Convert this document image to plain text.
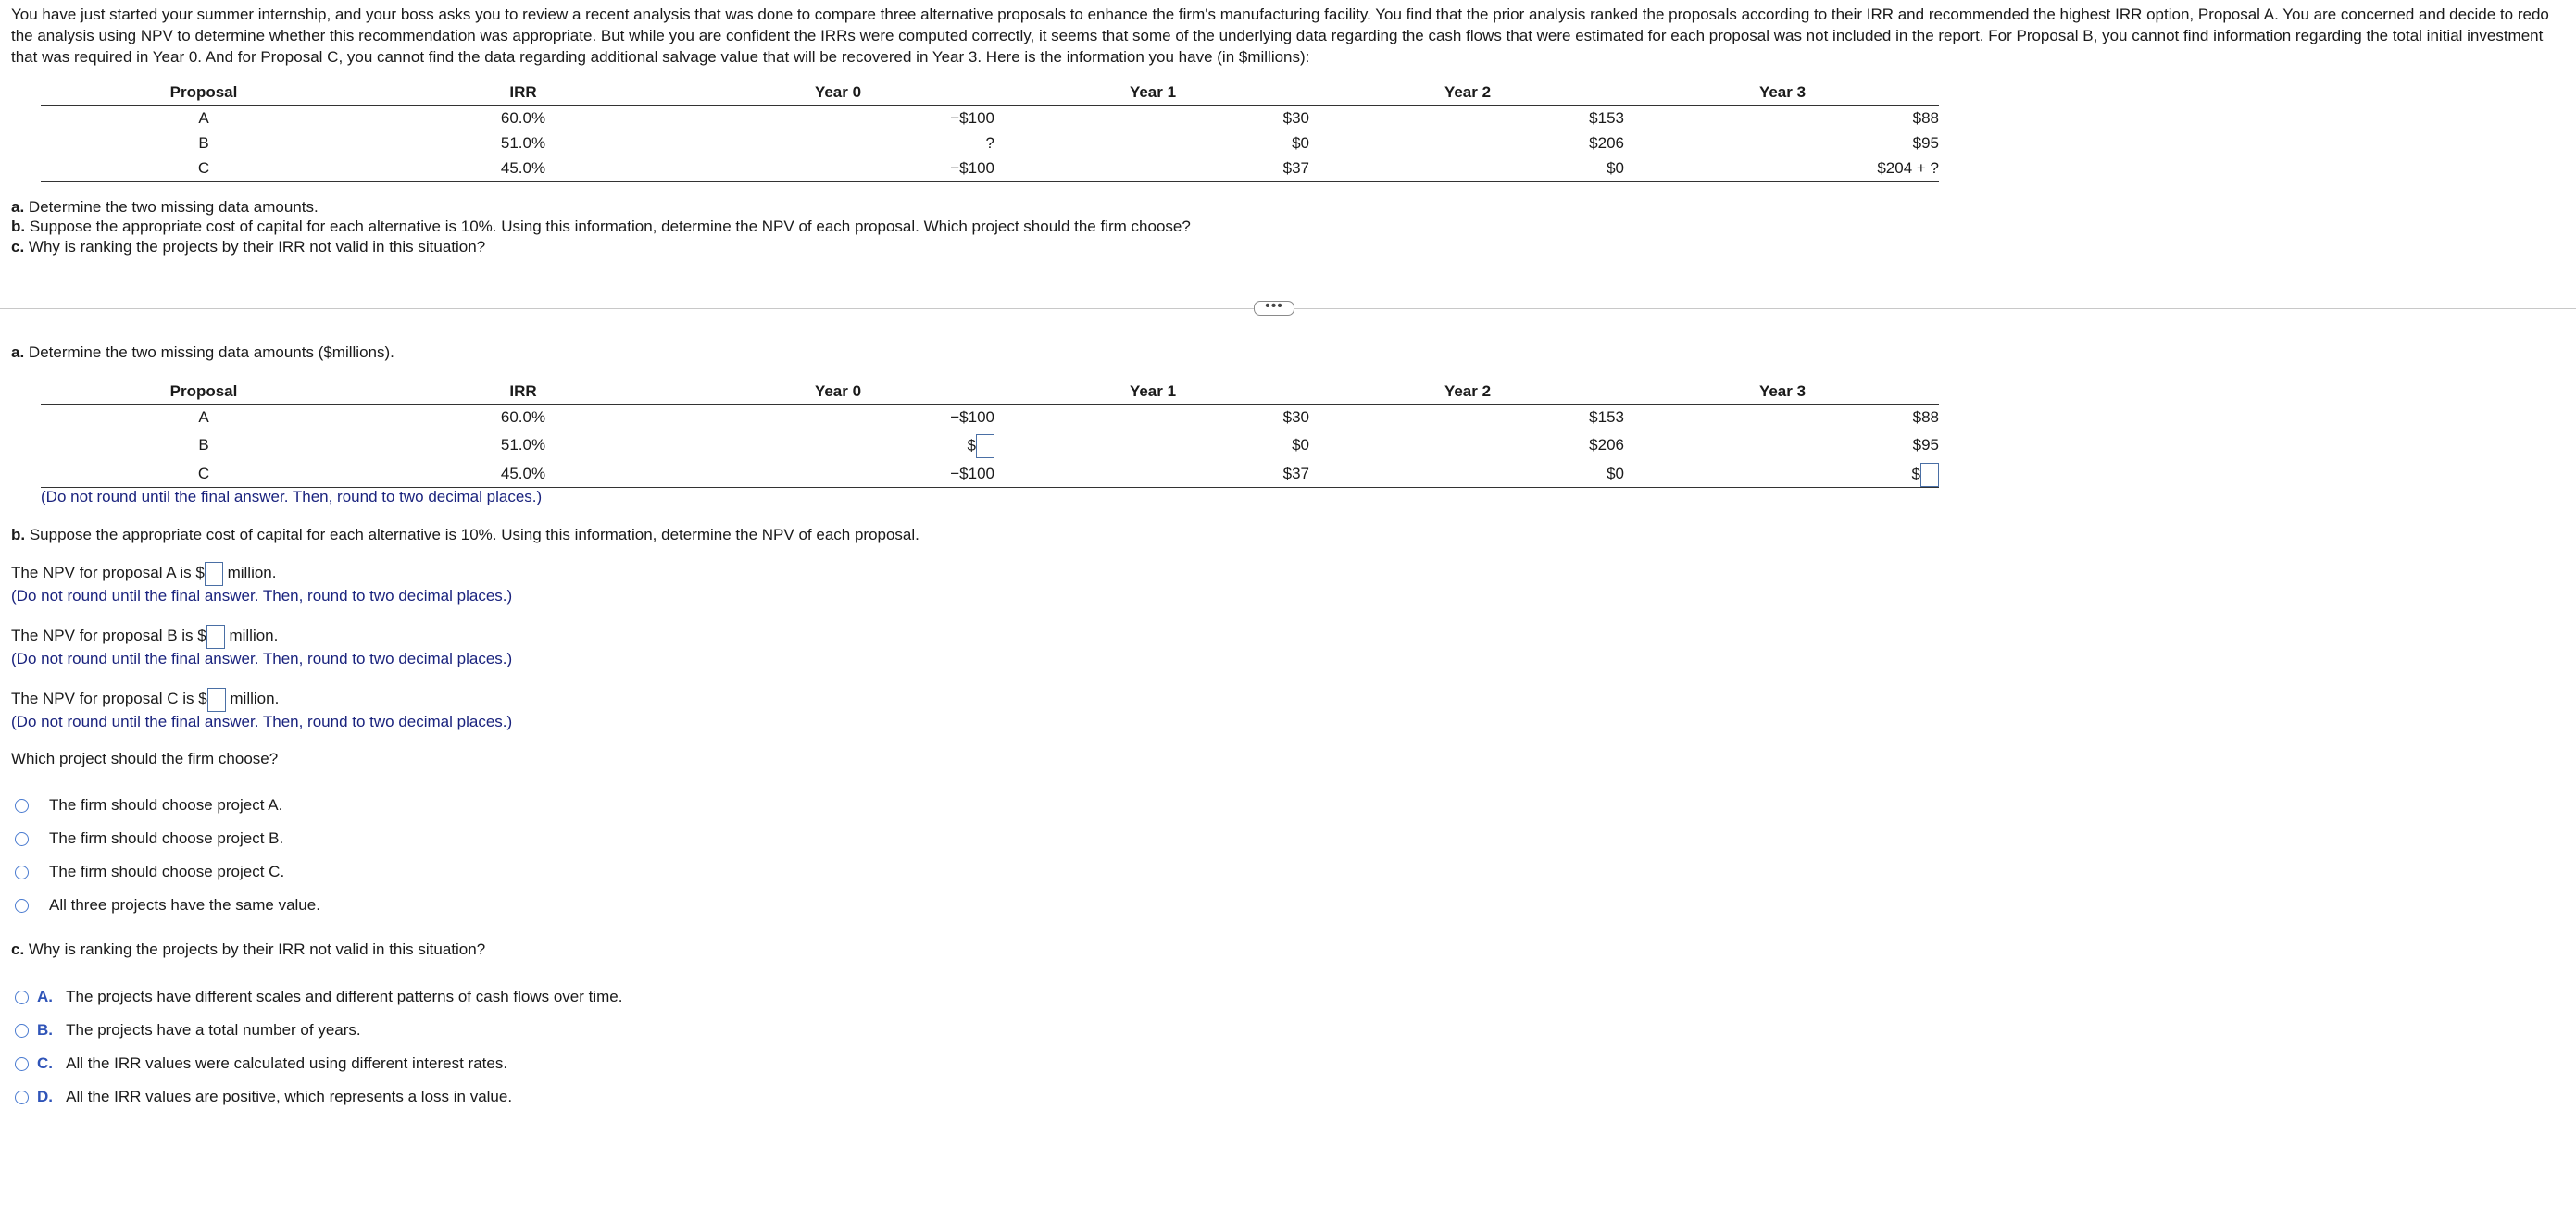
You have just started your summer internship, and your boss asks you to review a recent analysis that was done to compare three alternative proposals to enhance the firm's manufacturing facility. You find that the prior analysis ranked the proposals according to their IRR and recommended the highest IRR option, Proposal A. You are concerned and decide to redo the analysis using NPV to determine whether this recommendation was appropriate. But while you are confident the IRRs were computed correctly, it seems that some of the underlying data regarding the cash flows that were estimated for each proposal was not included in the report. For Proposal B, you cannot find information regarding the total initial investment that was required in Year 0. And for Proposal C, you cannot find the data regarding additional salvage value that will be recovered in Year 3. Here is the information you have (in $millions):

Proposal	IRR	Year 0	Year 1	Year 2	Year 3
A	60.0%	−$100	$30	$153	$88
B	51.0%	?	$0	$206	$95
C	45.0%	−$100	$37	$0	$204 + ?

a. Determine the two missing data amounts.

b. Suppose the appropriate cost of capital for each alternative is 10%. Using this information, determine the NPV of each proposal. Which project should the firm choose?

c. Why is ranking the projects by their IRR not valid in this situation?

•••

a. Determine the two missing data amounts ($millions).

Proposal	IRR	Year 0	Year 1	Year 2	Year 3
A	60.0%	−$100	$30	$153	$88
B	51.0%	$	$0	$206	$95
C	45.0%	−$100	$37	$0	$
(Do not round until the final answer. Then, round to two decimal places.)

b. Suppose the appropriate cost of capital for each alternative is 10%. Using this information, determine the NPV of each proposal.

The NPV for proposal A is $ million.
(Do not round until the final answer. Then, round to two decimal places.)
The NPV for proposal B is $ million.
(Do not round until the final answer. Then, round to two decimal places.)
The NPV for proposal C is $ million.
(Do not round until the final answer. Then, round to two decimal places.)

Which project should the firm choose?

The firm should choose project A.
The firm should choose project B.
The firm should choose project C.
All three projects have the same value.

c. Why is ranking the projects by their IRR not valid in this situation?

A. The projects have different scales and different patterns of cash flows over time.
B. The projects have a total number of years.
C. All the IRR values were calculated using different interest rates.
D. All the IRR values are positive, which represents a loss in value.
